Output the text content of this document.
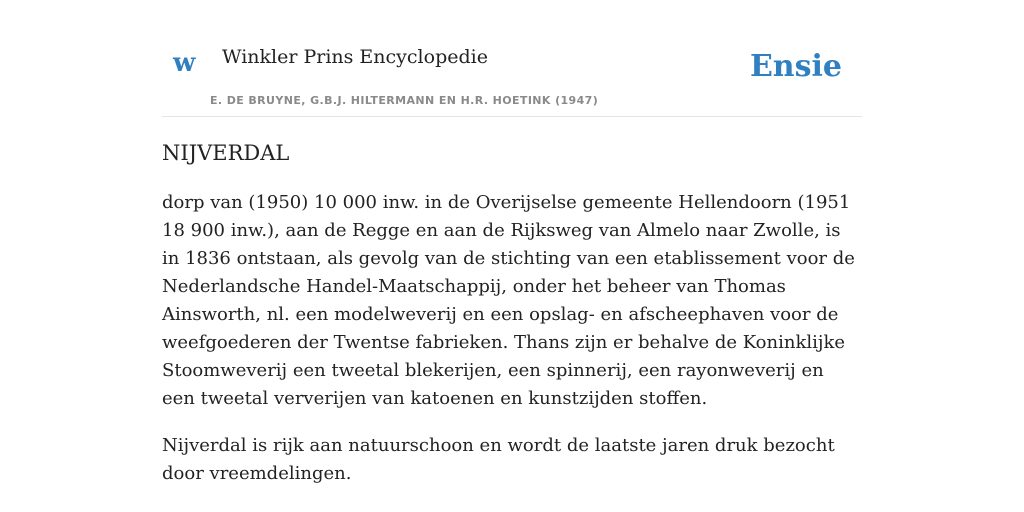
w Winkler Prins Encyclopedie
E. DE BRUYNE, G.B.J. HILTERMANN EN H.R. HOETINK (1947)
Ensie
NIJVERDAL

dorp van (1950) 10 000 inw. in de Overijselse gemeente Hellendoorn (1951 18 900 inw.), aan de Regge en aan de Rijksweg van Almelo naar Zwolle, is in 1836 ontstaan, als gevolg van de stichting van een etablissement voor de Nederlandsche Handel-Maatschappij, onder het beheer van Thomas Ainsworth, nl. een modelweverij en een opslag- en afscheephaven voor de weefgoederen der Twentse fabrieken. Thans zijn er behalve de Koninklijke Stoomweverij een tweetal blekerijen, een spinnerij, een rayonweverij en een tweetal ververijen van katoenen en kunstzijden stoffen.

Nijverdal is rijk aan natuurschoon en wordt de laatste jaren druk bezocht door vreemdelingen.
